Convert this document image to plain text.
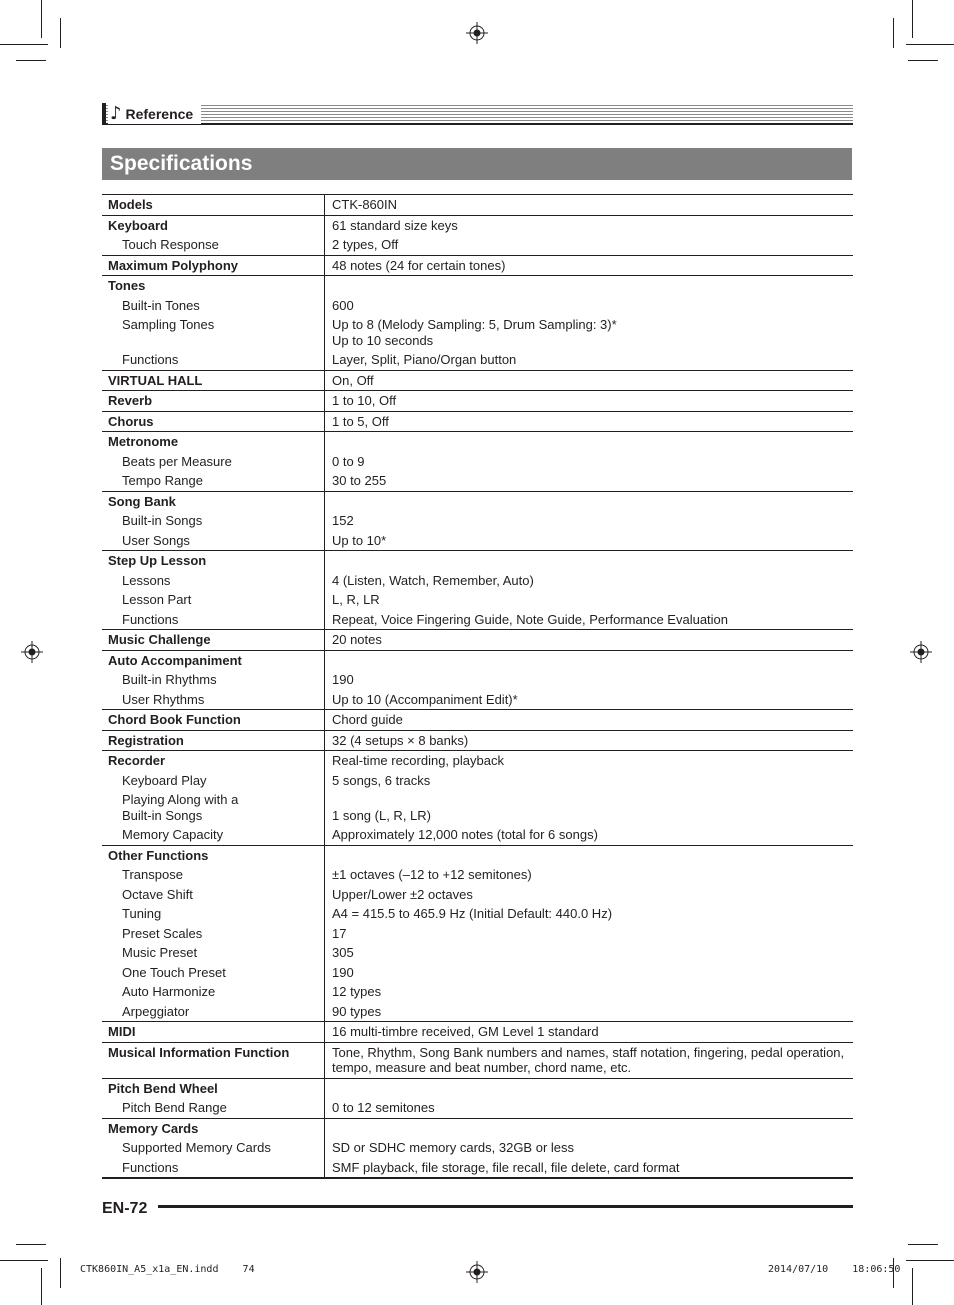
♪ Reference
Specifications
Models	CTK-860IN
Keyboard	61 standard size keys
Touch Response	2 types, Off
Maximum Polyphony	48 notes (24 for certain tones)
Tones	
Built-in Tones	600
Sampling Tones	Up to 8 (Melody Sampling: 5, Drum Sampling: 3)*
Up to 10 seconds
Functions	Layer, Split, Piano/Organ button
VIRTUAL HALL	On, Off
Reverb	1 to 10, Off
Chorus	1 to 5, Off
Metronome	
Beats per Measure	0 to 9
Tempo Range	30 to 255
Song Bank	
Built-in Songs	152
User Songs	Up to 10*
Step Up Lesson	
Lessons	4 (Listen, Watch, Remember, Auto)
Lesson Part	L, R, LR
Functions	Repeat, Voice Fingering Guide, Note Guide, Performance Evaluation
Music Challenge	20 notes
Auto Accompaniment	
Built-in Rhythms	190
User Rhythms	Up to 10 (Accompaniment Edit)*
Chord Book Function	Chord guide
Registration	32 (4 setups × 8 banks)
Recorder	Real-time recording, playback
Keyboard Play	5 songs, 6 tracks
Playing Along with a
Built-in Songs	
1 song (L, R, LR)
Memory Capacity	Approximately 12,000 notes (total for 6 songs)
Other Functions	
Transpose	±1 octaves (–12 to +12 semitones)
Octave Shift	Upper/Lower ±2 octaves
Tuning	A4 = 415.5 to 465.9 Hz (Initial Default: 440.0 Hz)
Preset Scales	17
Music Preset	305
One Touch Preset	190
Auto Harmonize	12 types
Arpeggiator	90 types
MIDI	16 multi-timbre received, GM Level 1 standard
Musical Information Function	Tone, Rhythm, Song Bank numbers and names, staff notation, fingering, pedal operation,
tempo, measure and beat number, chord name, etc.
Pitch Bend Wheel	
Pitch Bend Range	0 to 12 semitones
Memory Cards	
Supported Memory Cards	SD or SDHC memory cards, 32GB or less
Functions	SMF playback, file storage, file recall, file delete, card format
EN-72
CTK860IN_A5_x1a_EN.indd    74	2014/07/10    18:06:50
